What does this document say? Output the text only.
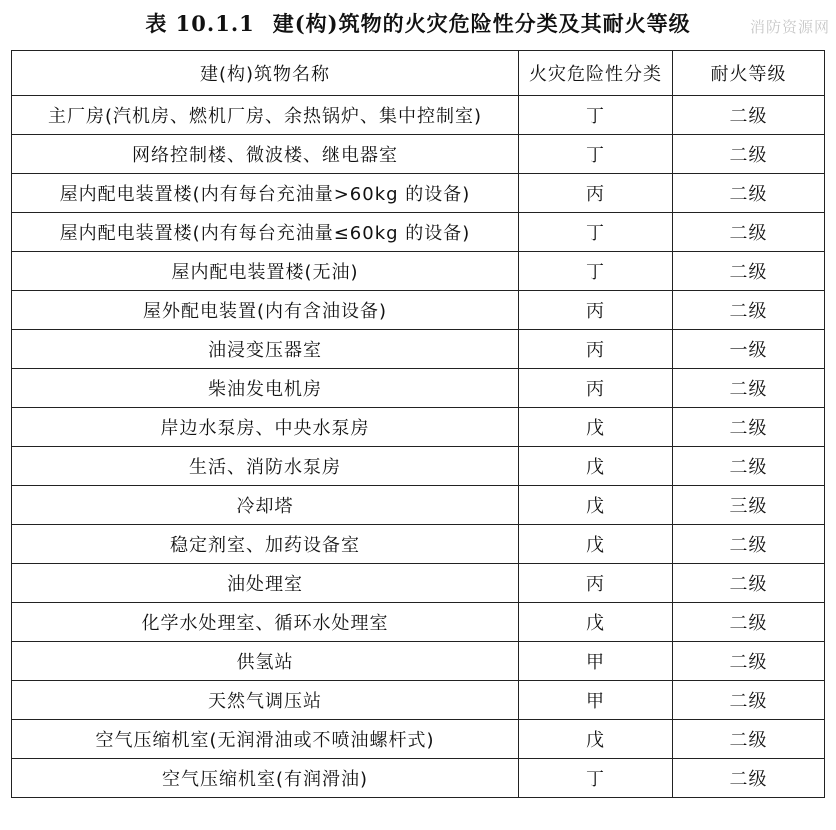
表 10.1.1 建(构)筑物的火灾危险性分类及其耐火等级	消防资源网
建(构)筑物名称	火灾危险性分类	耐火等级
主厂房(汽机房、燃机厂房、余热锅炉、集中控制室)	丁	二级
网络控制楼、微波楼、继电器室	丁	二级
屋内配电装置楼(内有每台充油量>60kg 的设备)	丙	二级
屋内配电装置楼(内有每台充油量≤60kg 的设备)	丁	二级
屋内配电装置楼(无油)	丁	二级
屋外配电装置(内有含油设备)	丙	二级
油浸变压器室	丙	一级
柴油发电机房	丙	二级
岸边水泵房、中央水泵房	戊	二级
生活、消防水泵房	戊	二级
冷却塔	戊	三级
稳定剂室、加药设备室	戊	二级
油处理室	丙	二级
化学水处理室、循环水处理室	戊	二级
供氢站	甲	二级
天然气调压站	甲	二级
空气压缩机室(无润滑油或不喷油螺杆式)	戊	二级
空气压缩机室(有润滑油)	丁	二级
